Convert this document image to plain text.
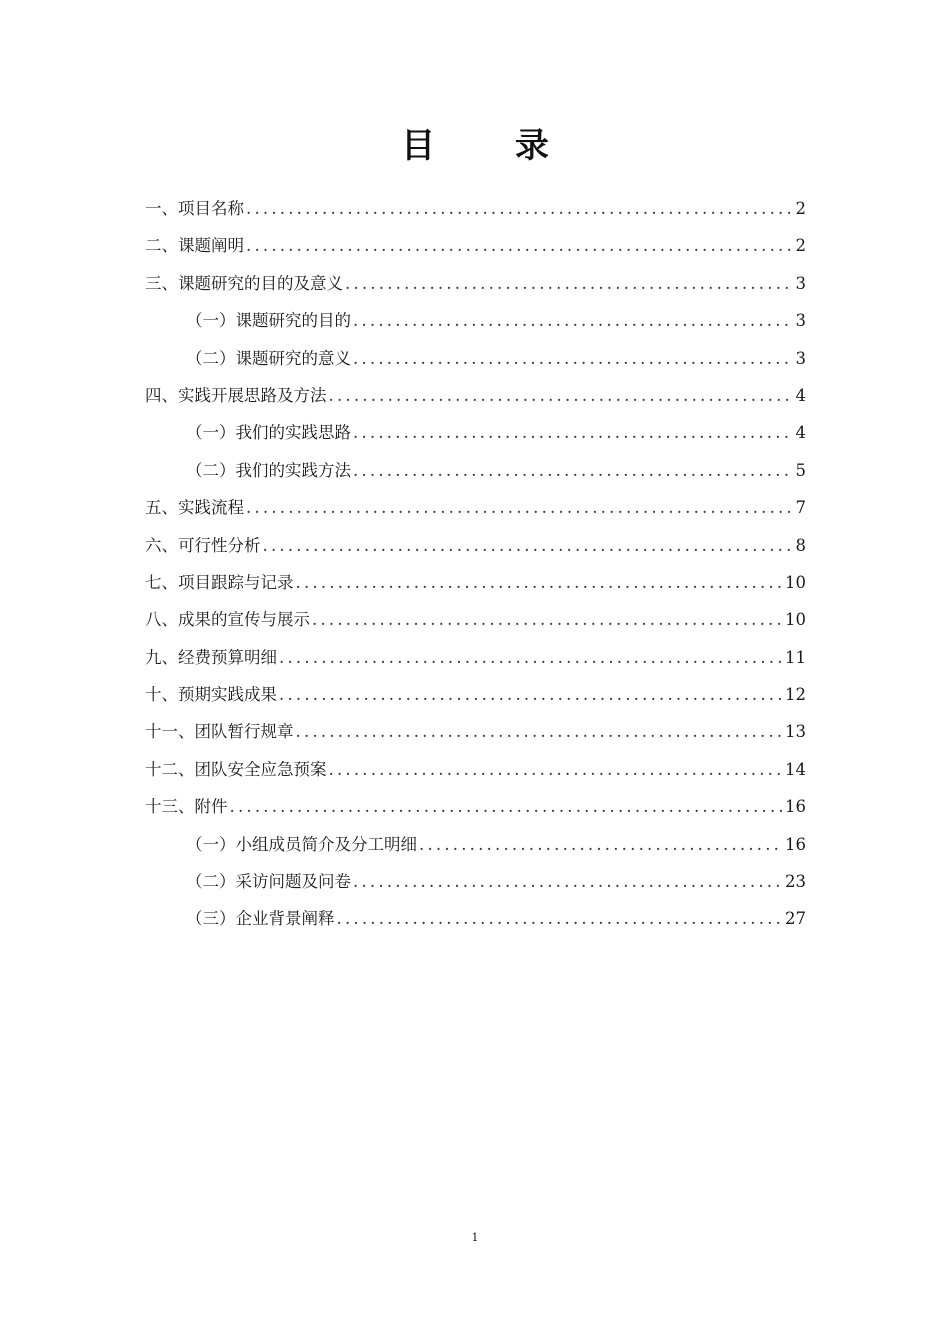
目 录
一、项目名称 .....	2
二、课题阐明 .....	2
三、课题研究的目的及意义 .....	3
（一）课题研究的目的 .....	3
（二）课题研究的意义 .....	3
四、实践开展思路及方法 .....	4
（一）我们的实践思路 .....	4
（二）我们的实践方法 .....	5
五、实践流程 .....	7
六、可行性分析 .....	8
七、项目跟踪与记录 .....	10
八、成果的宣传与展示 .....	10
九、经费预算明细 .....	11
十、预期实践成果 .....	12
十一、团队暂行规章 .....	13
十二、团队安全应急预案 .....	14
十三、附件 .....	16
（一）小组成员简介及分工明细 .....	16
（二）采访问题及问卷 .....	23
（三）企业背景阐释 .....	27
1
